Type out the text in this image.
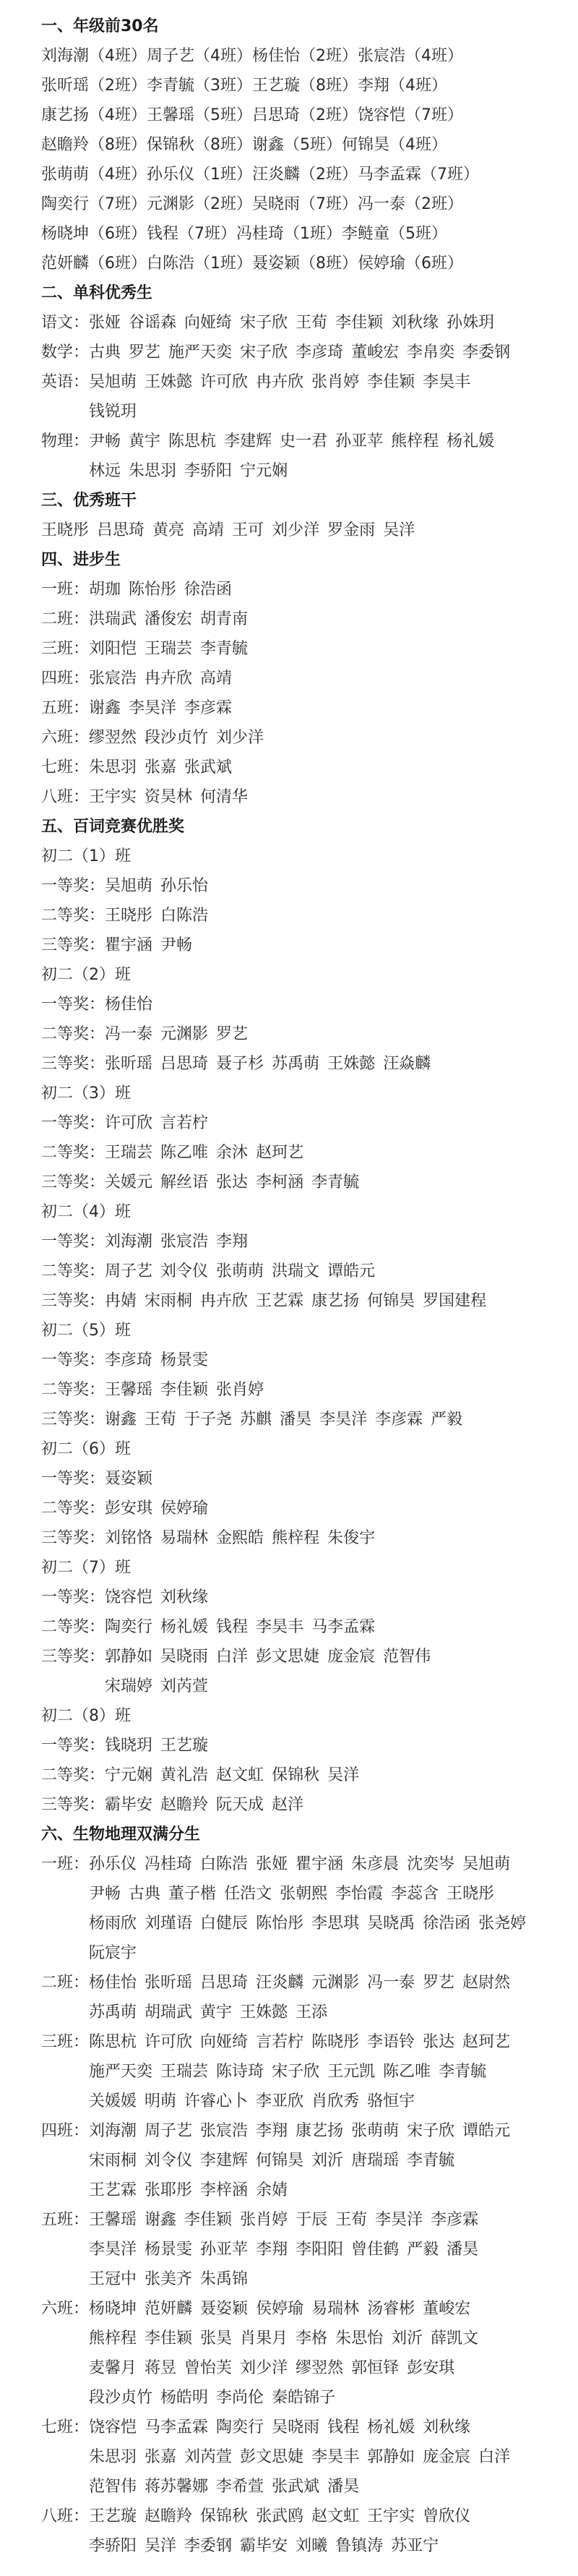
一、年级前30名
刘海潮（4班）周子艺（4班）杨佳怡（2班）张宸浩（4班）
张昕瑶（2班）李青毓（3班）王艺璇（8班）李翔（4班）
康艺扬（4班）王馨瑶（5班）吕思琦（2班）饶容恺（7班）
赵瞻羚（8班）保锦秋（8班）谢鑫（5班）何锦昊（4班）
张萌萌（4班）孙乐仪（1班）汪炎麟（2班）马李孟霖（7班）
陶奕行（7班）元渊影（2班）吴晓雨（7班）冯一泰（2班）
杨晓坤（6班）钱程（7班）冯桂琦（1班）李鲢童（5班）
范妍麟（6班）白陈浩（1班）聂姿颖（8班）侯婷瑜（6班）
二、单科优秀生
语文： 张娅 谷谣森 向娅绮 宋子欣 王荀 李佳颖 刘秋缘 孙姝玥
数学： 古典 罗艺 施严天奕 宋子欣 李彦琦 董峻宏 李帛奕 李委钢
英语： 吴旭萌 王姝懿 许可欣 冉卉欣 张肖婷 李佳颖 李昊丰
钱锐玥
物理： 尹畅 黄宇 陈思杭 李建辉 史一君 孙亚苹 熊梓程 杨礼媛
林远 朱思羽 李骄阳 宁元娴
三、优秀班干
王晓彤 吕思琦 黄亮 高靖 王可 刘少洋 罗金雨 吴洋
四、进步生
一班： 胡珈 陈怡彤 徐浩函
二班： 洪瑞武 潘俊宏 胡青南
三班： 刘阳恺 王瑞芸 李青毓
四班： 张宸浩 冉卉欣 高靖
五班： 谢鑫 李昊洋 李彦霖
六班： 缪翌然 段沙贞竹 刘少洋
七班： 朱思羽 张嘉 张武斌
八班： 王宇实 资昊林 何清华
五、百词竞赛优胜奖
初二（1）班
一等奖： 吴旭萌 孙乐怡
二等奖： 王晓彤 白陈浩
三等奖： 瞿宇涵 尹畅
初二（2）班
一等奖： 杨佳怡
二等奖： 冯一泰 元渊影 罗艺
三等奖： 张昕瑶 吕思琦 聂子杉 苏禹萌 王姝懿 汪焱麟
初二（3）班
一等奖： 许可欣 言若柠
二等奖： 王瑞芸 陈乙唯 余沐 赵珂艺
三等奖： 关媛元 解丝语 张达 李柯涵 李青毓
初二（4）班
一等奖： 刘海潮 张宸浩 李翔
二等奖： 周子艺 刘令仪 张萌萌 洪瑞文 谭皓元
三等奖： 冉婧 宋雨桐 冉卉欣 王艺霖 康艺扬 何锦昊 罗国建程
初二（5）班
一等奖： 李彦琦 杨景雯
二等奖： 王馨瑶 李佳颖 张肖婷
三等奖： 谢鑫 王荀 于子尧 苏麒 潘昊 李昊洋 李彦霖 严毅
初二（6）班
一等奖： 聂姿颖
二等奖： 彭安琪 侯婷瑜
三等奖： 刘铭恪 易瑞林 金熙皓 熊梓程 朱俊宇
初二（7）班
一等奖： 饶容恺 刘秋缘
二等奖： 陶奕行 杨礼媛 钱程 李昊丰 马李孟霖
三等奖： 郭静如 吴晓雨 白洋 彭文思婕 庞金宸 范智伟
宋瑞婷 刘芮萱
初二（8）班
一等奖： 钱晓玥 王艺璇
二等奖： 宁元娴 黄礼浩 赵文虹 保锦秋 吴洋
三等奖： 霸毕安 赵瞻羚 阮天成 赵洋
六、生物地理双满分生
一班： 孙乐仪 冯桂琦 白陈浩 张娅 瞿宇涵 朱彦晨 沈奕岑 吴旭萌
尹畅 古典 董子楷 任浩文 张朝熙 李怡霞 李蕊含 王晓彤
杨雨欣 刘瑾语 白健辰 陈怡彤 李思琪 吴晓禹 徐浩函 张尧婷
阮宸宇
二班： 杨佳怡 张昕瑶 吕思琦 汪炎麟 元渊影 冯一泰 罗艺 赵尉然
苏禹萌 胡瑞武 黄宇 王姝懿 王添
三班： 陈思杭 许可欣 向娅绮 言若柠 陈晓彤 李语铃 张达 赵珂艺
施严天奕 王瑞芸 陈诗琦 宋子欣 王元凯 陈乙唯 李青毓
关媛媛 明萌 许睿心卜 李亚欣 肖欣秀 骆恒宇
四班： 刘海潮 周子艺 张宸浩 李翔 康艺扬 张萌萌 宋子欣 谭皓元
宋雨桐 刘令仪 李建辉 何锦昊 刘沂 唐瑞瑶 李青毓
王艺霖 张耶彤 李梓涵 余婧
五班： 王馨瑶 谢鑫 李佳颖 张肖婷 于辰 王荀 李昊洋 李彦霖
李昊洋 杨景雯 孙亚苹 李翔 李阳阳 曾佳鹤 严毅 潘昊
王冠中 张美齐 朱禹锦
六班： 杨晓坤 范妍麟 聂姿颖 侯婷瑜 易瑞林 汤睿彬 董峻宏
熊梓程 李佳颖 张昊 肖果月 李格 朱思怡 刘沂 薛凯文
麦馨月 蒋昱 曾怡芙 刘少洋 缪翌然 郭恒铎 彭安琪
段沙贞竹 杨皓明 李尚伦 秦皓锦子
七班： 饶容恺 马李孟霖 陶奕行 吴晓雨 钱程 杨礼媛 刘秋缘
朱思羽 张嘉 刘芮萱 彭文思婕 李昊丰 郭静如 庞金宸 白洋
范智伟 蒋苏馨娜 李希萱 张武斌 潘昊
八班： 王艺璇 赵瞻羚 保锦秋 张武鸥 赵文虹 王宇实 曾欣仪
李骄阳 吴洋 李委钢 霸毕安 刘曦 鲁镇涛 苏亚宁
